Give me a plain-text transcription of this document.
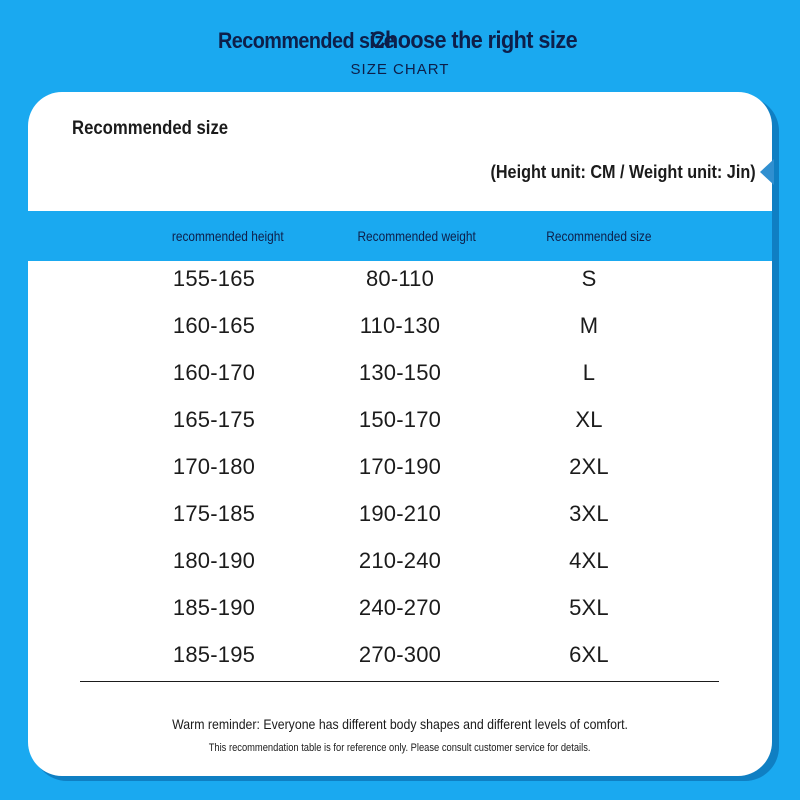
Recommended size
Choose the right size
SIZE CHART
Recommended size
(Height unit: CM / Weight unit: Jin)
recommended height	Recommended weight	Recommended size
155-165	80-110	S
160-165	110-130	M
160-170	130-150	L
165-175	150-170	XL
170-180	170-190	2XL
175-185	190-210	3XL
180-190	210-240	4XL
185-190	240-270	5XL
185-195	270-300	6XL
Warm reminder: Everyone has different body shapes and different levels of comfort.
This recommendation table is for reference only. Please consult customer service for details.
